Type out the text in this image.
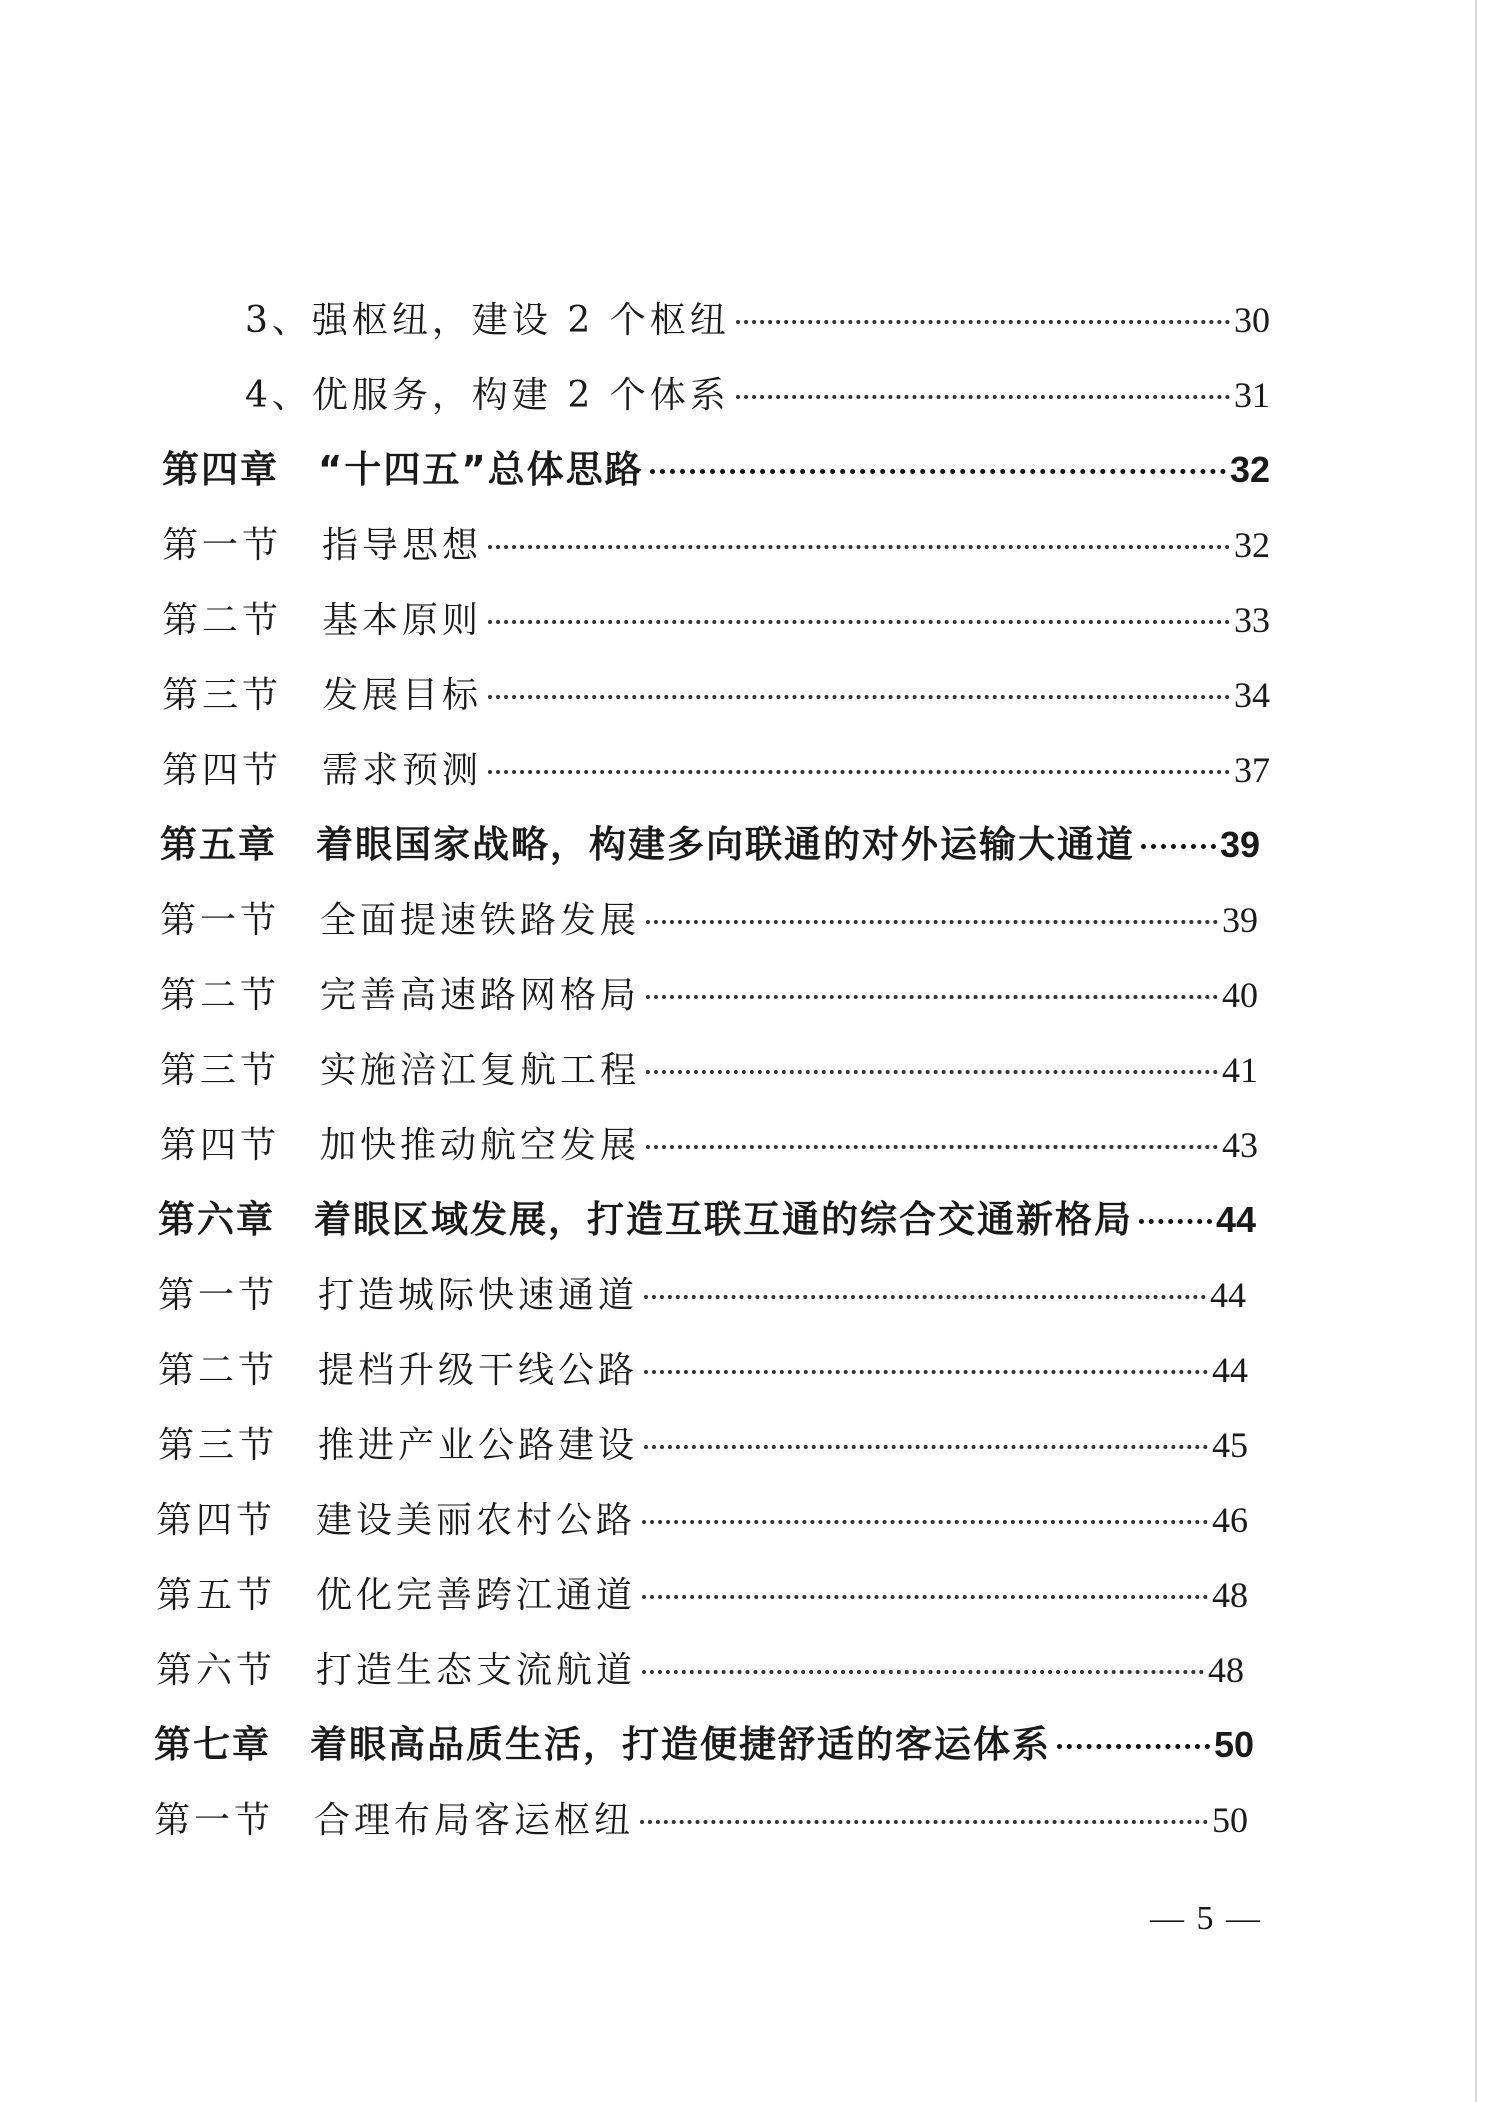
3、强枢纽，建设 2 个枢纽	30
4、优服务，构建 2 个体系	31
第四章　“十四五”总体思路	32
第一节　指导思想	32
第二节　基本原则	33
第三节　发展目标	34
第四节　需求预测	37
第五章　着眼国家战略，构建多向联通的对外运输大通道 39
第一节　全面提速铁路发展	39
第二节　完善高速路网格局	40
第三节　实施涪江复航工程	41
第四节　加快推动航空发展	43
第六章　着眼区域发展，打造互联互通的综合交通新格局 44
第一节　打造城际快速通道	44
第二节　提档升级干线公路	44
第三节　推进产业公路建设	45
第四节　建设美丽农村公路	46
第五节　优化完善跨江通道	48
第六节　打造生态支流航道	48
第七章　着眼高品质生活，打造便捷舒适的客运体系	50
第一节　合理布局客运枢纽	50
— 5 —
